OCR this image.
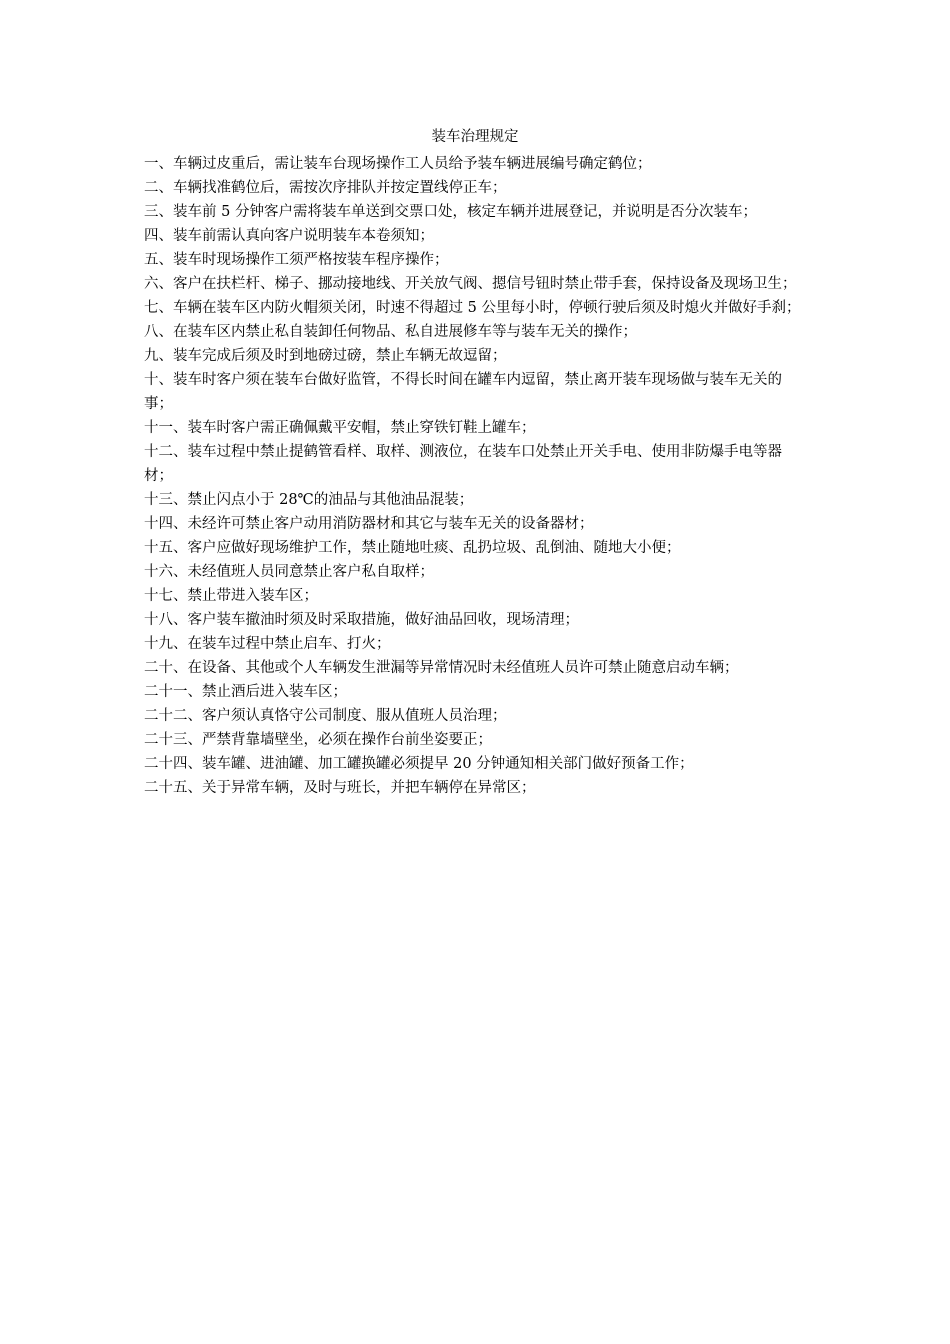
装车治理规定

一、车辆过皮重后，需让装车台现场操作工人员给予装车辆进展编号确定鹤位；

二、车辆找准鹤位后，需按次序排队并按定置线停正车；

三、装车前 5 分钟客户需将装车单送到交票口处，核定车辆并进展登记，并说明是否分次装车；

四、装车前需认真向客户说明装车本卷须知；

五、装车时现场操作工须严格按装车程序操作；

六、客户在扶栏杆、梯子、挪动接地线、开关放气阀、摁信号钮时禁止带手套，保持设备及现场卫生；

七、车辆在装车区内防火帽须关闭，时速不得超过 5 公里每小时，停顿行驶后须及时熄火并做好手刹；

八、在装车区内禁止私自装卸任何物品、私自进展修车等与装车无关的操作；

九、装车完成后须及时到地磅过磅，禁止车辆无故逗留；

十、装车时客户须在装车台做好监管，不得长时间在罐车内逗留，禁止离开装车现场做与装车无关的事；

十一、装车时客户需正确佩戴平安帽，禁止穿铁钉鞋上罐车；

十二、装车过程中禁止提鹤管看样、取样、测液位，在装车口处禁止开关手电、使用非防爆手电等器材；

十三、禁止闪点小于 28℃的油品与其他油品混装；

十四、未经许可禁止客户动用消防器材和其它与装车无关的设备器材；

十五、客户应做好现场维护工作，禁止随地吐痰、乱扔垃圾、乱倒油、随地大小便；

十六、未经值班人员同意禁止客户私自取样；

十七、禁止带进入装车区；

十八、客户装车撤油时须及时采取措施，做好油品回收，现场清理；

十九、在装车过程中禁止启车、打火；

二十、在设备、其他或个人车辆发生泄漏等异常情况时未经值班人员许可禁止随意启动车辆；

二十一、禁止酒后进入装车区；

二十二、客户须认真恪守公司制度、服从值班人员治理；

二十三、严禁背靠墙壁坐，必须在操作台前坐姿要正；

二十四、装车罐、进油罐、加工罐换罐必须提早 20 分钟通知相关部门做好预备工作；

二十五、关于异常车辆，及时与班长，并把车辆停在异常区；
